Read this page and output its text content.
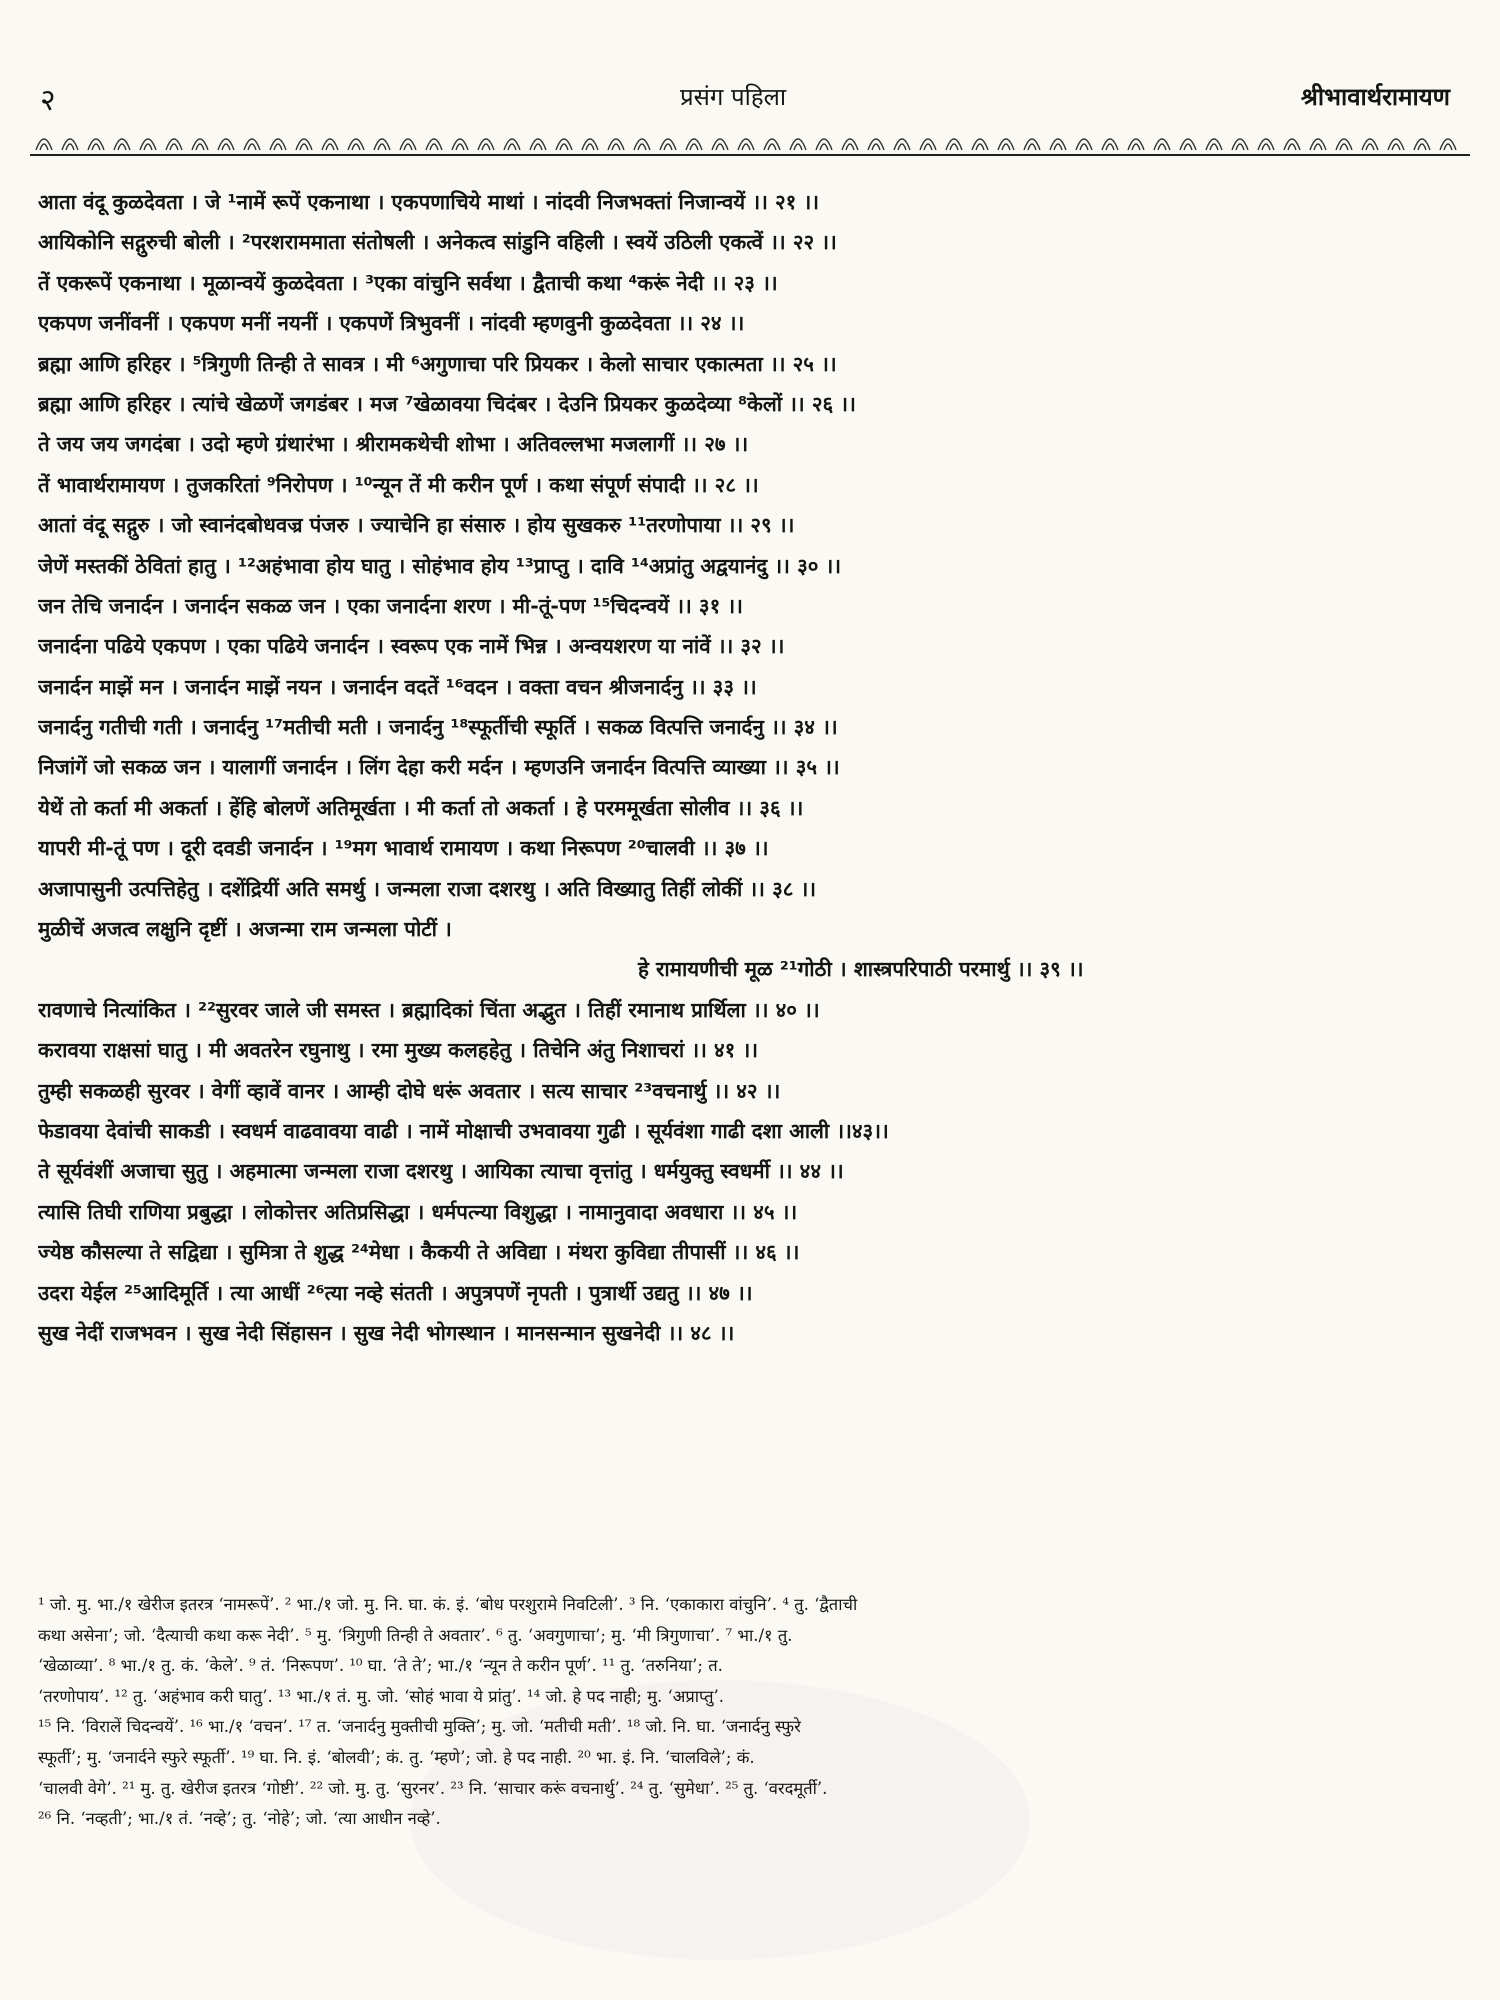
२	प्रसंग पहिला	श्रीभावार्थरामायण
आता वंदू कुळदेवता । जे ¹नामें रूपें एकनाथा । एकपणाचिये माथां । नांदवी निजभक्तां निजान्वयें ।। २१ ।।
आयिकोनि सद्गुरुची बोली । ²परशराममाता संतोषली । अनेकत्व सांडुनि वहिली । स्वयें उठिली एकत्वें ।। २२ ।।
तें एकरूपें एकनाथा । मूळान्वयें कुळदेवता । ³एका वांचुनि सर्वथा । द्वैताची कथा ⁴करूं नेदी ।। २३ ।।
एकपण जनींवनीं । एकपण मनीं नयनीं । एकपणें त्रिभुवनीं । नांदवी म्हणवुनी कुळदेवता ।। २४ ।।
ब्रह्मा आणि हरिहर । ⁵त्रिगुणी तिन्ही ते सावत्र । मी ⁶अगुणाचा परि प्रियकर । केलो साचार एकात्मता ।। २५ ।।
ब्रह्मा आणि हरिहर । त्यांचे खेळणें जगडंबर । मज ⁷खेळावया चिदंबर । देउनि प्रियकर कुळदेव्या ⁸केलों ।। २६ ।।
ते जय जय जगदंबा । उदो म्हणे ग्रंथारंभा । श्रीरामकथेची शोभा । अतिवल्लभा मजलागीं ।। २७ ।।
तें भावार्थरामायण । तुजकरितां ⁹निरोपण । ¹⁰न्यून तें मी करीन पूर्ण । कथा संपूर्ण संपादी ।। २८ ।।
आतां वंदू सद्गुरु । जो स्वानंदबोधवज्र पंजरु । ज्याचेनि हा संसारु । होय सुखकरु ¹¹तरणोपाया ।। २९ ।।
जेणें मस्तकीं ठेवितां हातु । ¹²अहंभावा होय घातु । सोहंभाव होय ¹³प्राप्तु । दावि ¹⁴अप्रांतु अद्वयानंदु ।। ३० ।।
जन तेचि जनार्दन । जनार्दन सकळ जन । एका जनार्दना शरण । मी-तूं-पण ¹⁵चिदन्वयें ।। ३१ ।।
जनार्दना पढिये एकपण । एका पढिये जनार्दन । स्वरूप एक नामें भिन्न । अन्वयशरण या नांवें ।। ३२ ।।
जनार्दन माझें मन । जनार्दन माझें नयन । जनार्दन वदतें ¹⁶वदन । वक्ता वचन श्रीजनार्दनु ।। ३३ ।।
जनार्दनु गतीची गती । जनार्दनु ¹⁷मतीची मती । जनार्दनु ¹⁸स्फूर्तीची स्फूर्ति । सकळ वित्पत्ति जनार्दनु ।। ३४ ।।
निजांगें जो सकळ जन । यालागीं जनार्दन । लिंग देहा करी मर्दन । म्हणउनि जनार्दन वित्पत्ति व्याख्या ।। ३५ ।।
येथें तो कर्ता मी अकर्ता । हेंहि बोलणें अतिमूर्खता । मी कर्ता तो अकर्ता । हे परममूर्खता सोलीव ।। ३६ ।।
यापरी मी-तूं पण । दूरी दवडी जनार्दन । ¹⁹मग भावार्थ रामायण । कथा निरूपण ²⁰चालवी ।। ३७ ।।
अजापासुनी उत्पत्तिहेतु । दशेंद्रियीं अति समर्थु । जन्मला राजा दशरथु । अति विख्यातु तिहीं लोकीं ।। ३८ ।।
मुळीचें अजत्व लक्षुनि दृष्टीं । अजन्मा राम जन्मला पोटीं ।
हे रामायणीची मूळ ²¹गोठी । शास्त्रपरिपाठी परमार्थु ।। ३९ ।।
रावणाचे नित्यांकित । ²²सुरवर जाले जी समस्त । ब्रह्मादिकां चिंता अद्भुत । तिहीं रमानाथ प्रार्थिला ।। ४० ।।
करावया राक्षसां घातु । मी अवतरेन रघुनाथु । रमा मुख्य कलहहेतु । तिचेनि अंतु निशाचरां ।। ४१ ।।
तुम्ही सकळही सुरवर । वेगीं व्हावें वानर । आम्ही दोघे धरूं अवतार । सत्य साचार ²³वचनार्थु ।। ४२ ।।
फेडावया देवांची साकडी । स्वधर्म वाढवावया वाढी । नामें मोक्षाची उभवावया गुढी । सूर्यवंशा गाढी दशा आली ।।४३।।
ते सूर्यवंशीं अजाचा सुतु । अहमात्मा जन्मला राजा दशरथु । आयिका त्याचा वृत्तांतु । धर्मयुक्तु स्वधर्मी ।। ४४ ।।
त्यासि तिघी राणिया प्रबुद्धा । लोकोत्तर अतिप्रसिद्धा । धर्मपत्न्या विशुद्धा । नामानुवादा अवधारा ।। ४५ ।।
ज्येष्ठ कौसल्या ते सद्विद्या । सुमित्रा ते शुद्ध ²⁴मेधा । कैकयी ते अविद्या । मंथरा कुविद्या तीपासीं ।। ४६ ।।
उदरा येईल ²⁵आदिमूर्ति । त्या आधीं ²⁶त्या नव्हे संतती । अपुत्रपणें नृपती । पुत्रार्थी उद्यतु ।। ४७ ।।
सुख नेदीं राजभवन । सुख नेदी सिंहासन । सुख नेदी भोगस्थान । मानसन्मान सुखनेदी ।। ४८ ।।
¹ जो. मु. भा./१ खेरीज इतरत्र ‘नामरूपें’. ² भा./१ जो. मु. नि. घा. कं. इं. ‘बोध परशुरामे निवटिली’. ³ नि. ‘एकाकारा वांचुनि’. ⁴ तु. ‘द्वैताची
कथा असेना’; जो. ‘दैत्याची कथा करू नेदी’. ⁵ मु. ‘त्रिगुणी तिन्ही ते अवतार’. ⁶ तु. ‘अवगुणाचा’; मु. ‘मी त्रिगुणाचा’. ⁷ भा./१ तु.
‘खेळाव्या’. ⁸ भा./१ तु. कं. ‘केले’. ⁹ तं. ‘निरूपण’. ¹⁰ घा. ‘ते ते’; भा./१ ‘न्यून ते करीन पूर्ण’. ¹¹ तु. ‘तरुनिया’; त.
‘तरणोपाय’. ¹² तु. ‘अहंभाव करी घातु’. ¹³ भा./१ तं. मु. जो. ‘सोहं भावा ये प्रांतु’. ¹⁴ जो. हे पद नाही; मु. ‘अप्राप्तु’.
¹⁵ नि. ‘विरालें चिदन्वयें’. ¹⁶ भा./१ ‘वचन’. ¹⁷ त. ‘जनार्दनु मुक्तीची मुक्ति’; मु. जो. ‘मतीची मती’. ¹⁸ जो. नि. घा. ‘जनार्दनु स्फुरे
स्फूर्ती’; मु. ‘जनार्दने स्फुरे स्फूर्ती’. ¹⁹ घा. नि. इं. ‘बोलवी’; कं. तु. ‘म्हणे’; जो. हे पद नाही. ²⁰ भा. इं. नि. ‘चालविले’; कं.
‘चालवी वेगे’. ²¹ मु. तु. खेरीज इतरत्र ‘गोष्टी’. ²² जो. मु. तु. ‘सुरनर’. ²³ नि. ‘साचार करूं वचनार्थु’. ²⁴ तु. ‘सुमेधा’. ²⁵ तु. ‘वरदमूर्ती’.
²⁶ नि. ‘नव्हती’; भा./१ तं. ‘नव्हे’; तु. ‘नोहे’; जो. ‘त्या आधीन नव्हे’.
